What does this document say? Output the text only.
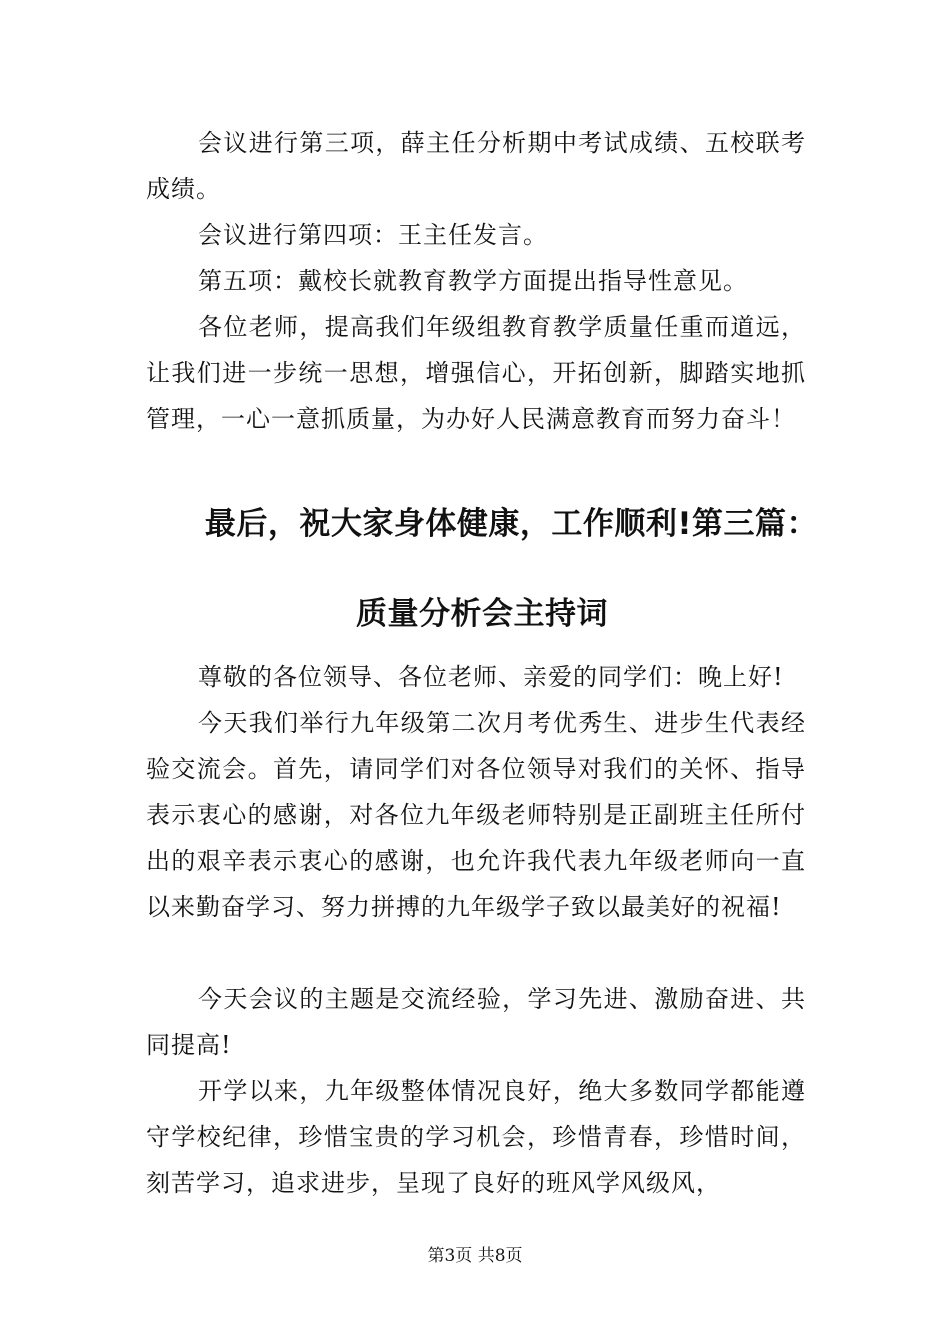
会议进行第三项，薛主任分析期中考试成绩、五校联考成绩。

会议进行第四项：王主任发言。

第五项：戴校长就教育教学方面提出指导性意见。

各位老师，提高我们年级组教育教学质量任重而道远，让我们进一步统一思想，增强信心，开拓创新，脚踏实地抓管理，一心一意抓质量，为办好人民满意教育而努力奋斗！

最后，祝大家身体健康，工作顺利!第三篇：
质量分析会主持词

尊敬的各位领导、各位老师、亲爱的同学们：晚上好!

今天我们举行九年级第二次月考优秀生、进步生代表经验交流会。首先，请同学们对各位领导对我们的关怀、指导表示衷心的感谢，对各位九年级老师特别是正副班主任所付出的艰辛表示衷心的感谢，也允许我代表九年级老师向一直以来勤奋学习、努力拼搏的九年级学子致以最美好的祝福!

今天会议的主题是交流经验，学习先进、激励奋进、共同提高!

开学以来，九年级整体情况良好，绝大多数同学都能遵守学校纪律，珍惜宝贵的学习机会，珍惜青春，珍惜时间，刻苦学习，追求进步，呈现了良好的班风学风级风，

第3页 共8页
